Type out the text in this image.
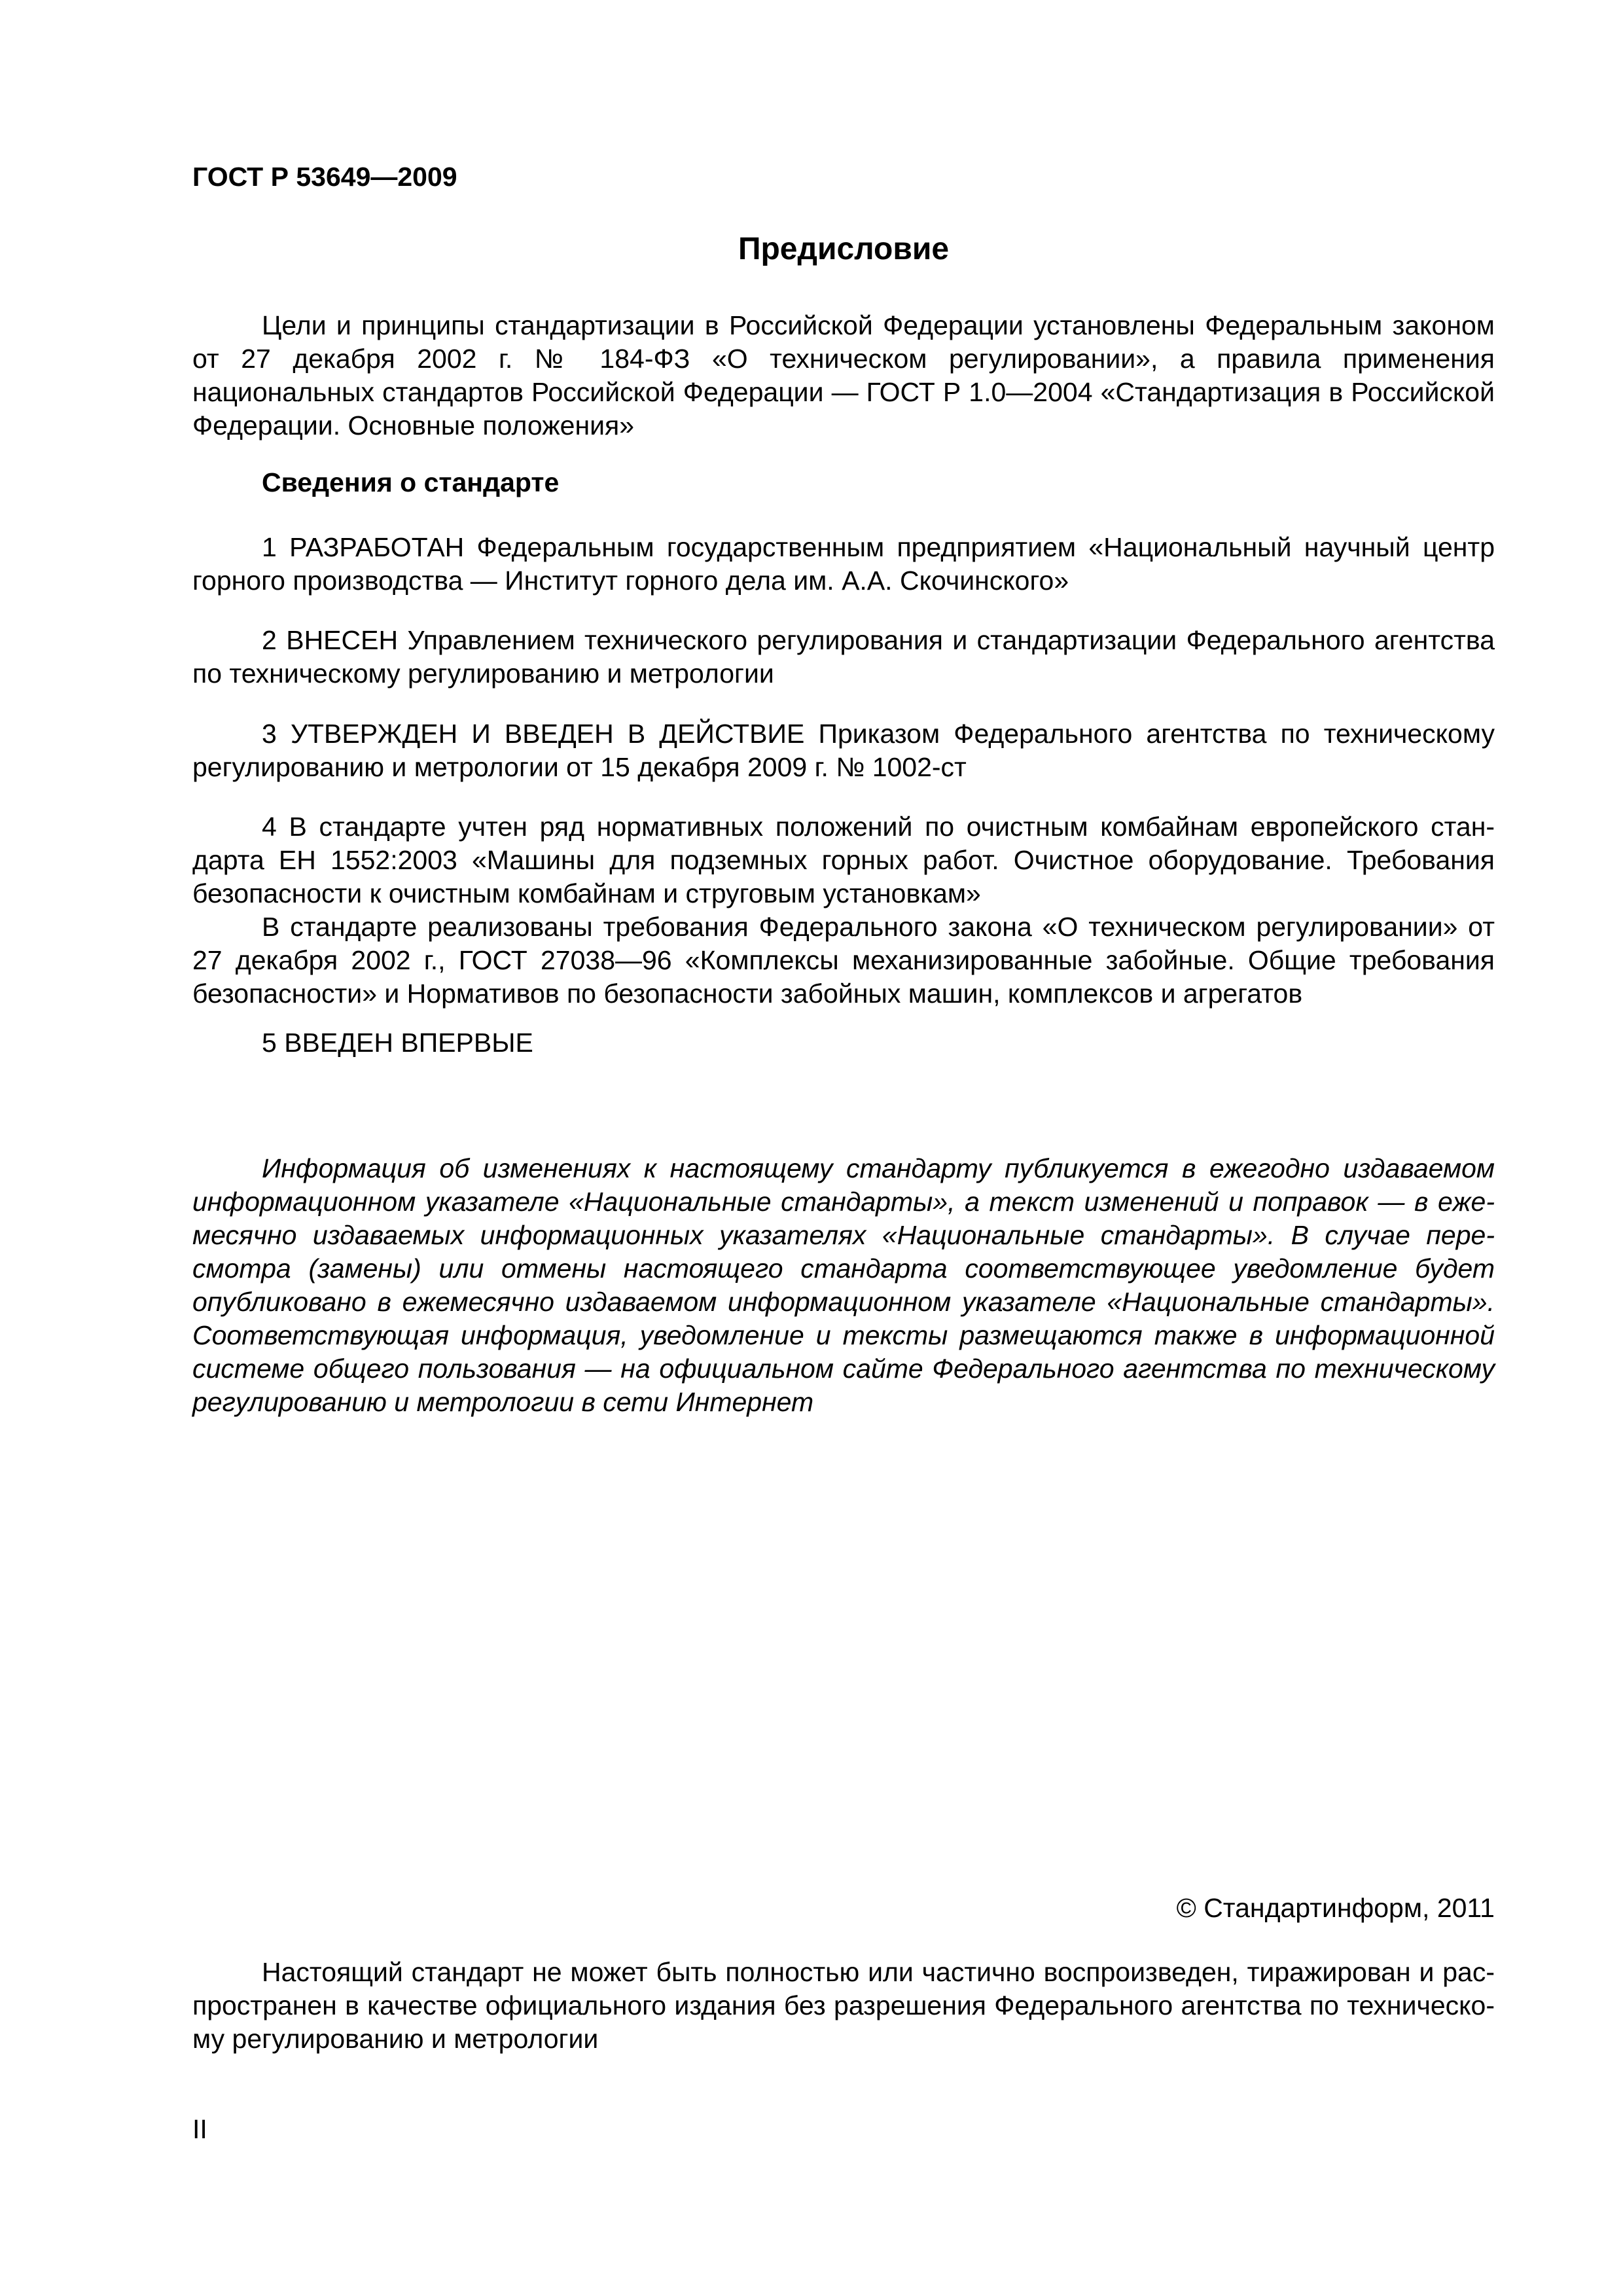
ГОСТ Р 53649—2009
Предисловие

Цели и принципы стандартизации в Российской Федерации установлены Федеральным законом от 27 декабря 2002 г. № 184-ФЗ «О техническом регулировании», а правила применения национальных стандартов Российской Федерации — ГОСТ Р 1.0—2004 «Стандартизация в Российской Федерации. Основные положения»

Сведения о стандарте

1 РАЗРАБОТАН Федеральным государственным предприятием «Национальный научный центр горного производства — Институт горного дела им. А.А. Скочинского»

2 ВНЕСЕН Управлением технического регулирования и стандартизации Федерального агентства по техническому регулированию и метрологии

3 УТВЕРЖДЕН И ВВЕДЕН В ДЕЙСТВИЕ Приказом Федерального агентства по техническому регулированию и метрологии от 15 декабря 2009 г. № 1002-ст

4 В стандарте учтен ряд нормативных положений по очистным комбайнам европейского стандарта ЕН 1552:2003 «Машины для подземных горных работ. Очистное оборудование. Требования безопасности к очистным комбайнам и струговым установкам»

В стандарте реализованы требования Федерального закона «О техническом регулировании» от 27 декабря 2002 г., ГОСТ 27038—96 «Комплексы механизированные забойные. Общие требования безопасности» и Нормативов по безопасности забойных машин, комплексов и агрегатов

5 ВВЕДЕН ВПЕРВЫЕ

Информация об изменениях к настоящему стандарту публикуется в ежегодно издаваемом информационном указателе «Национальные стандарты», а текст изменений и поправок — в ежемесячно издаваемых информационных указателях «Национальные стандарты». В случае пересмотра (замены) или отмены настоящего стандарта соответствующее уведомление будет опубликовано в ежемесячно издаваемом информационном указателе «Национальные стандарты». Соответствующая информация, уведомление и тексты размещаются также в информационной системе общего пользования — на официальном сайте Федерального агентства по техническому регулированию и метрологии в сети Интернет

© Стандартинформ, 2011

Настоящий стандарт не может быть полностью или частично воспроизведен, тиражирован и распространен в качестве официального издания без разрешения Федерального агентства по техническому регулированию и метрологии

II
